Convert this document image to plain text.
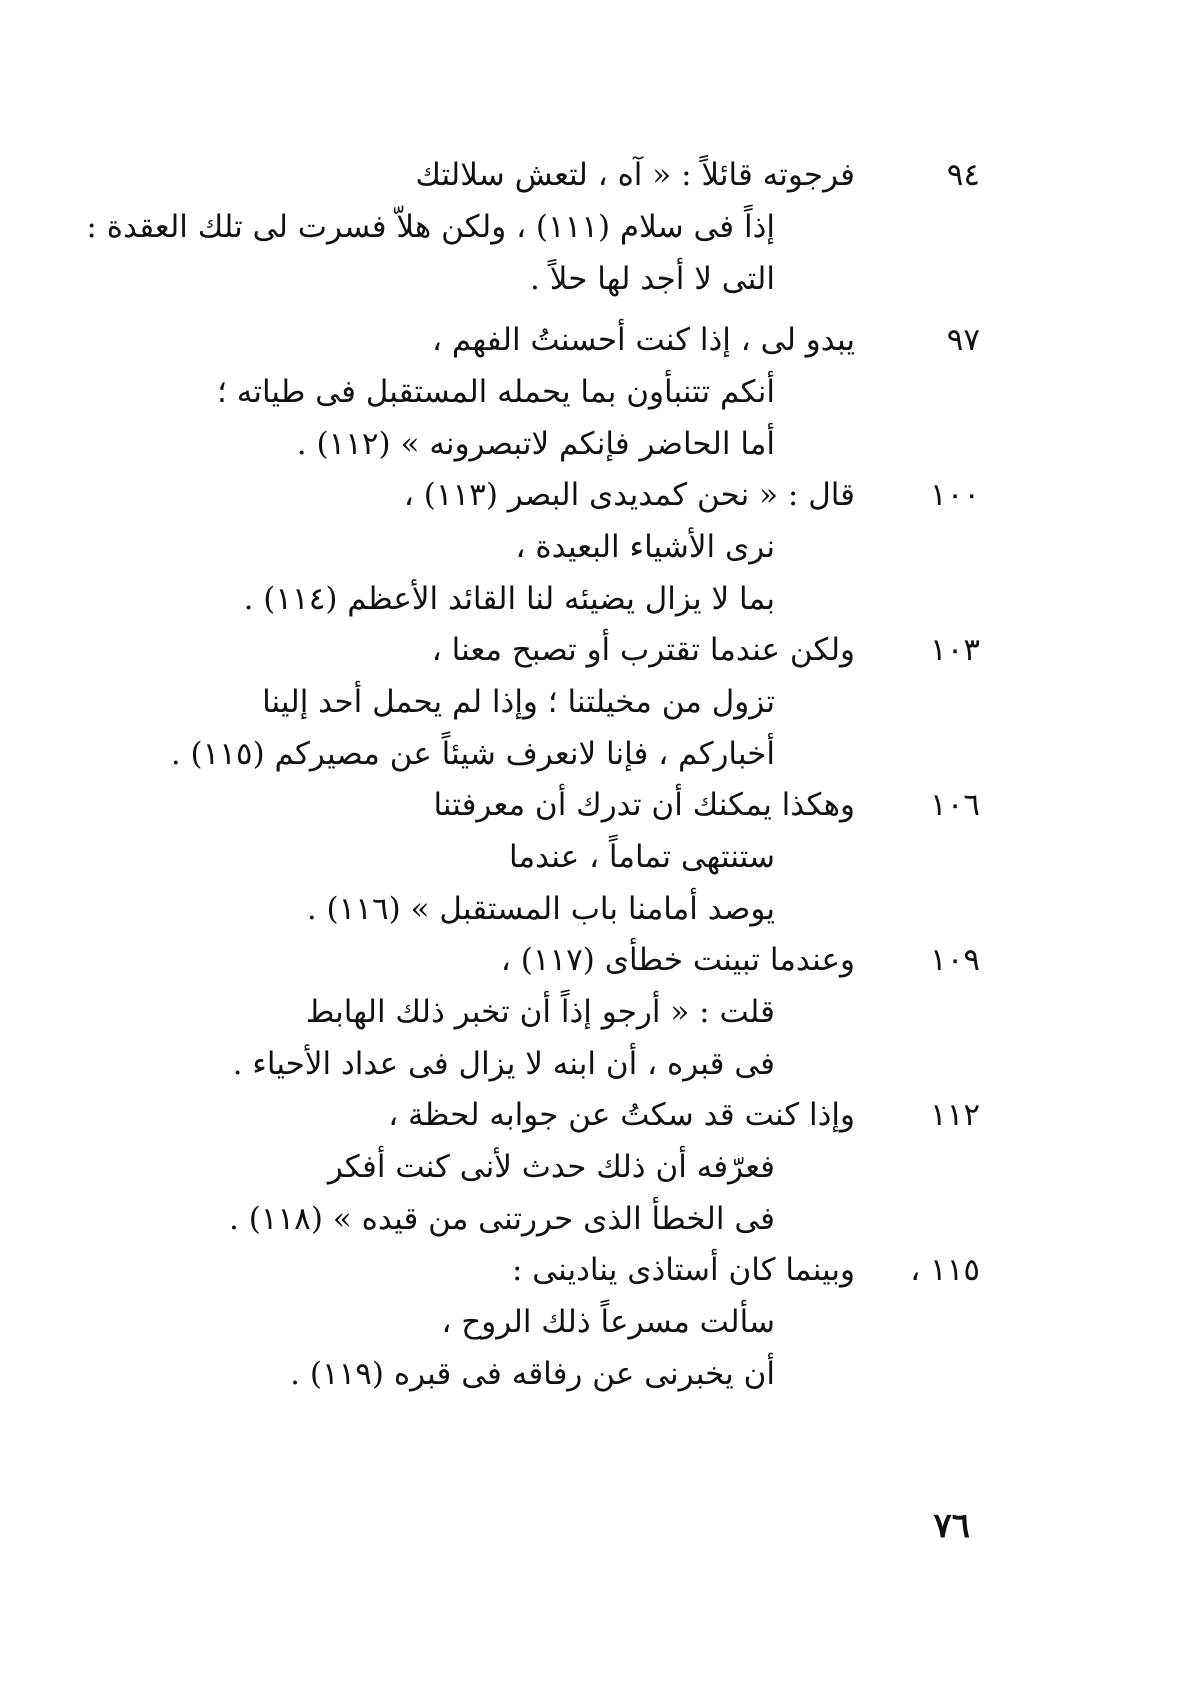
٩٤
فرجوته قائلاً : « آه ، لتعش سلالتك
إذاً فى سلام (١١١) ، ولكن هلاّ فسرت لى تلك العقدة :
التى لا أجد لها حلاً .
٩٧
يبدو لى ، إذا كنت أحسنتُ الفهم ،
أنكم تتنبأون بما يحمله المستقبل فى طياته ؛
أما الحاضر فإنكم لاتبصرونه » (١١٢) .
١٠٠
قال : « نحن كمديدى البصر (١١٣) ،
نرى الأشياء البعيدة ،
بما لا يزال يضيئه لنا القائد الأعظم (١١٤) .
١٠٣
ولكن عندما تقترب أو تصبح معنا ،
تزول من مخيلتنا ؛ وإذا لم يحمل أحد إلينا
أخباركم ، فإنا لانعرف شيئاً عن مصيركم (١١٥) .
١٠٦
وهكذا يمكنك أن تدرك أن معرفتنا
ستنتهى تماماً ، عندما
يوصد أمامنا باب المستقبل » (١١٦) .
١٠٩
وعندما تبينت خطأى (١١٧) ،
قلت : « أرجو إذاً أن تخبر ذلك الهابط
فى قبره ، أن ابنه لا يزال فى عداد الأحياء .
١١٢
وإذا كنت قد سكتُ عن جوابه لحظة ،
فعرّفه أن ذلك حدث لأنى كنت أفكر
فى الخطأ الذى حررتنى من قيده » (١١٨) .
١١٥ ،
وبينما كان أستاذى ينادينى :
سألت مسرعاً ذلك الروح ،
أن يخبرنى عن رفاقه فى قبره (١١٩) .
٧٦
